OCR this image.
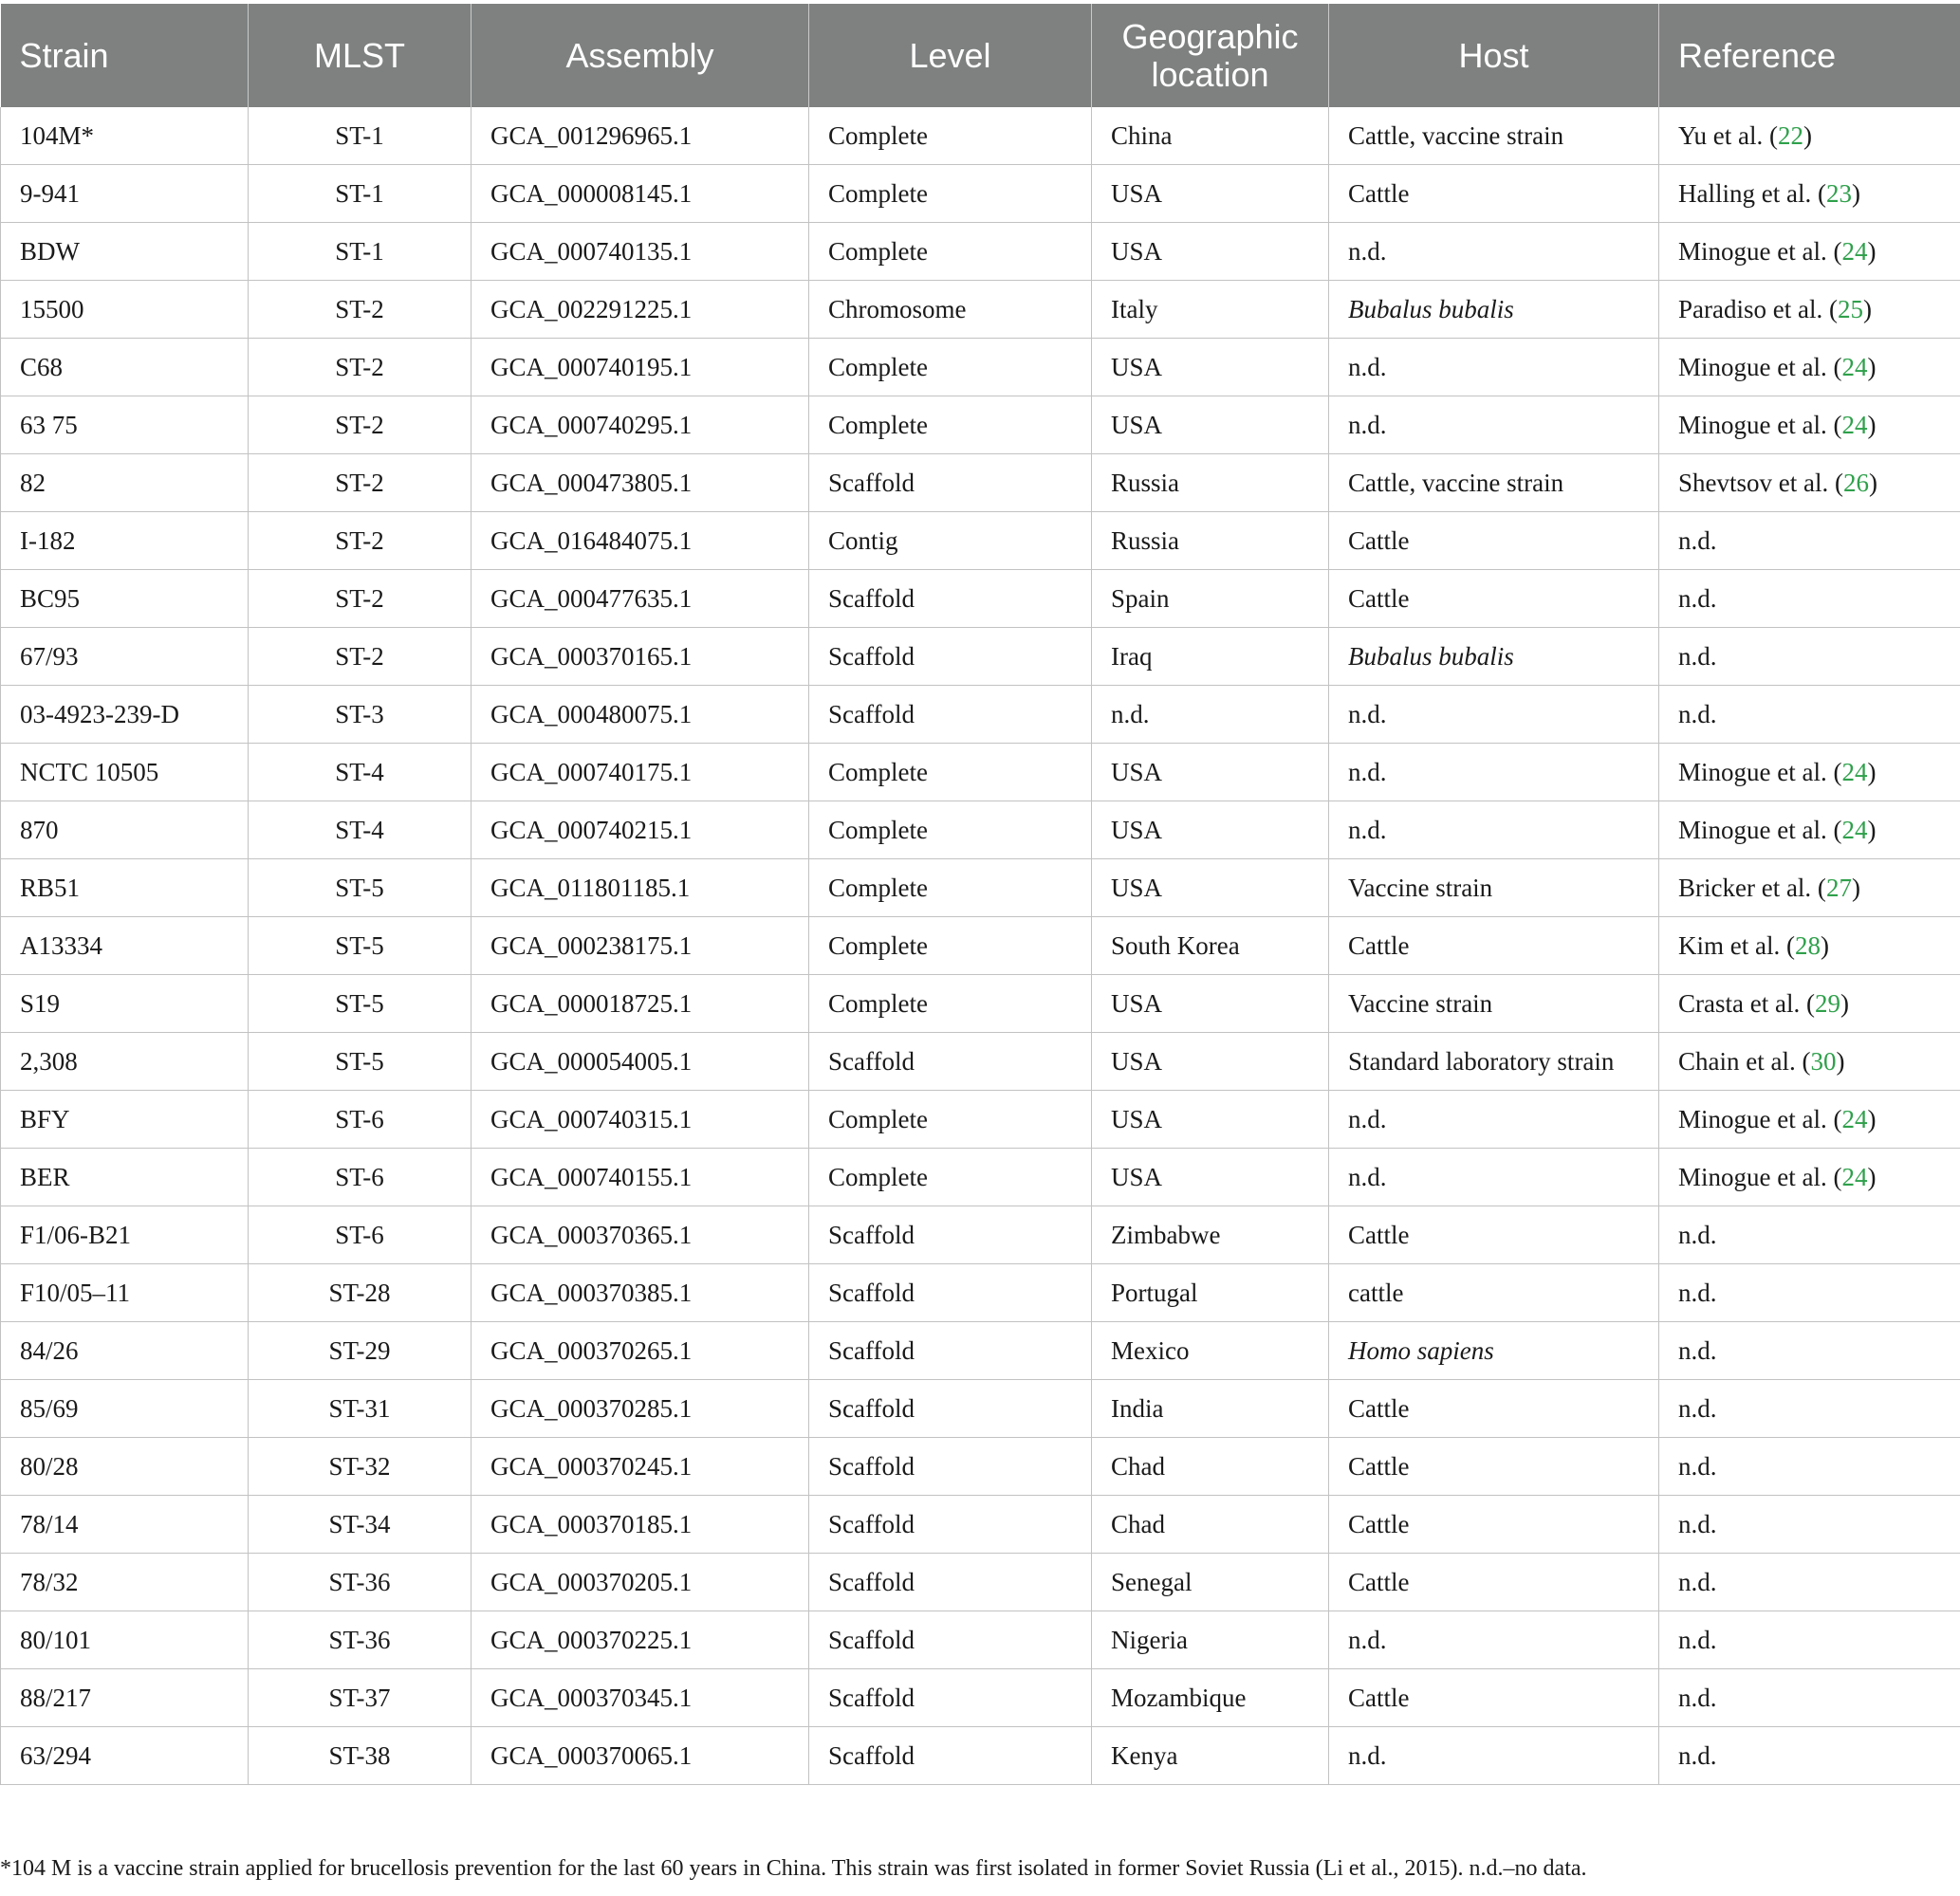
Strain	MLST	Assembly	Level	Geographic location	Host	Reference
104M*	ST-1	GCA_001296965.1	Complete	China	Cattle, vaccine strain	Yu et al. (22)
9-941	ST-1	GCA_000008145.1	Complete	USA	Cattle	Halling et al. (23)
BDW	ST-1	GCA_000740135.1	Complete	USA	n.d.	Minogue et al. (24)
15500	ST-2	GCA_002291225.1	Chromosome	Italy	Bubalus bubalis	Paradiso et al. (25)
C68	ST-2	GCA_000740195.1	Complete	USA	n.d.	Minogue et al. (24)
63 75	ST-2	GCA_000740295.1	Complete	USA	n.d.	Minogue et al. (24)
82	ST-2	GCA_000473805.1	Scaffold	Russia	Cattle, vaccine strain	Shevtsov et al. (26)
I-182	ST-2	GCA_016484075.1	Contig	Russia	Cattle	n.d.
BC95	ST-2	GCA_000477635.1	Scaffold	Spain	Cattle	n.d.
67/93	ST-2	GCA_000370165.1	Scaffold	Iraq	Bubalus bubalis	n.d.
03-4923-239-D	ST-3	GCA_000480075.1	Scaffold	n.d.	n.d.	n.d.
NCTC 10505	ST-4	GCA_000740175.1	Complete	USA	n.d.	Minogue et al. (24)
870	ST-4	GCA_000740215.1	Complete	USA	n.d.	Minogue et al. (24)
RB51	ST-5	GCA_011801185.1	Complete	USA	Vaccine strain	Bricker et al. (27)
A13334	ST-5	GCA_000238175.1	Complete	South Korea	Cattle	Kim et al. (28)
S19	ST-5	GCA_000018725.1	Complete	USA	Vaccine strain	Crasta et al. (29)
2,308	ST-5	GCA_000054005.1	Scaffold	USA	Standard laboratory strain	Chain et al. (30)
BFY	ST-6	GCA_000740315.1	Complete	USA	n.d.	Minogue et al. (24)
BER	ST-6	GCA_000740155.1	Complete	USA	n.d.	Minogue et al. (24)
F1/06-B21	ST-6	GCA_000370365.1	Scaffold	Zimbabwe	Cattle	n.d.
F10/05–11	ST-28	GCA_000370385.1	Scaffold	Portugal	cattle	n.d.
84/26	ST-29	GCA_000370265.1	Scaffold	Mexico	Homo sapiens	n.d.
85/69	ST-31	GCA_000370285.1	Scaffold	India	Cattle	n.d.
80/28	ST-32	GCA_000370245.1	Scaffold	Chad	Cattle	n.d.
78/14	ST-34	GCA_000370185.1	Scaffold	Chad	Cattle	n.d.
78/32	ST-36	GCA_000370205.1	Scaffold	Senegal	Cattle	n.d.
80/101	ST-36	GCA_000370225.1	Scaffold	Nigeria	n.d.	n.d.
88/217	ST-37	GCA_000370345.1	Scaffold	Mozambique	Cattle	n.d.
63/294	ST-38	GCA_000370065.1	Scaffold	Kenya	n.d.	n.d.
*104 M is a vaccine strain applied for brucellosis prevention for the last 60 years in China. This strain was first isolated in former Soviet Russia (Li et al., 2015). n.d.–no data.
